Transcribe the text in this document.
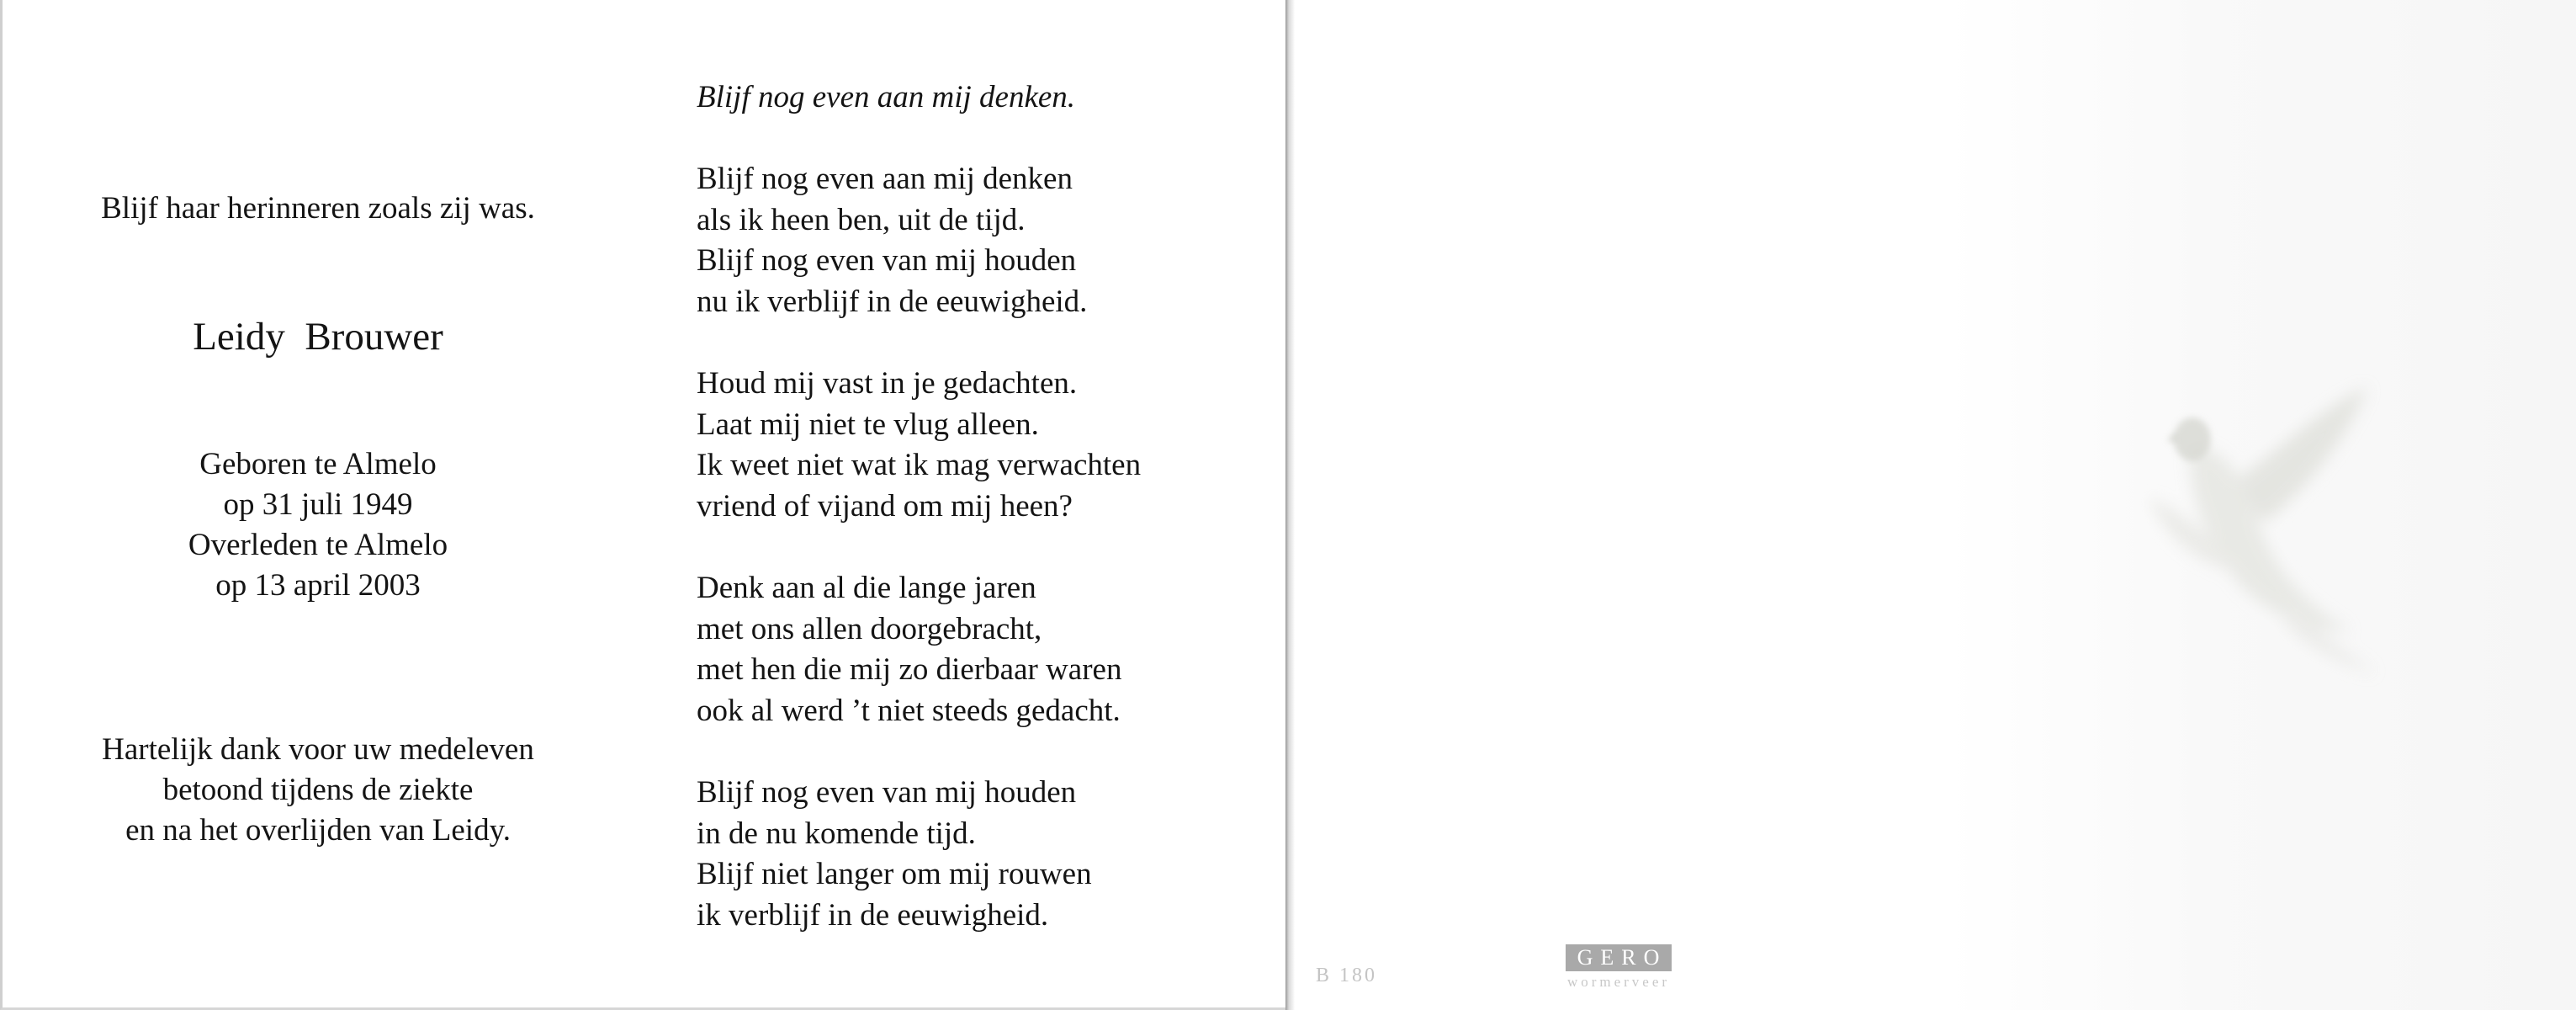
Blijf haar herinneren zoals zij was.
Leidy  Brouwer
Geboren te Almelo
op 31 juli 1949
Overleden te Almelo
op 13 april 2003
Hartelijk dank voor uw medeleven
betoond tijdens de ziekte
en na het overlijden van Leidy.
Blijf nog even aan mij denken.
Blijf nog even aan mij denken
als ik heen ben, uit de tijd.
Blijf nog even van mij houden
nu ik verblijf in de eeuwigheid.
Houd mij vast in je gedachten.
Laat mij niet te vlug alleen.
Ik weet niet wat ik mag verwachten
vriend of vijand om mij heen?
Denk aan al die lange jaren
met ons allen doorgebracht,
met hen die mij zo dierbaar waren
ook al werd ’t niet steeds gedacht.
Blijf nog even van mij houden
in de nu komende tijd.
Blijf niet langer om mij rouwen
ik verblijf in de eeuwigheid.
B 180
GERO
wormerveer
